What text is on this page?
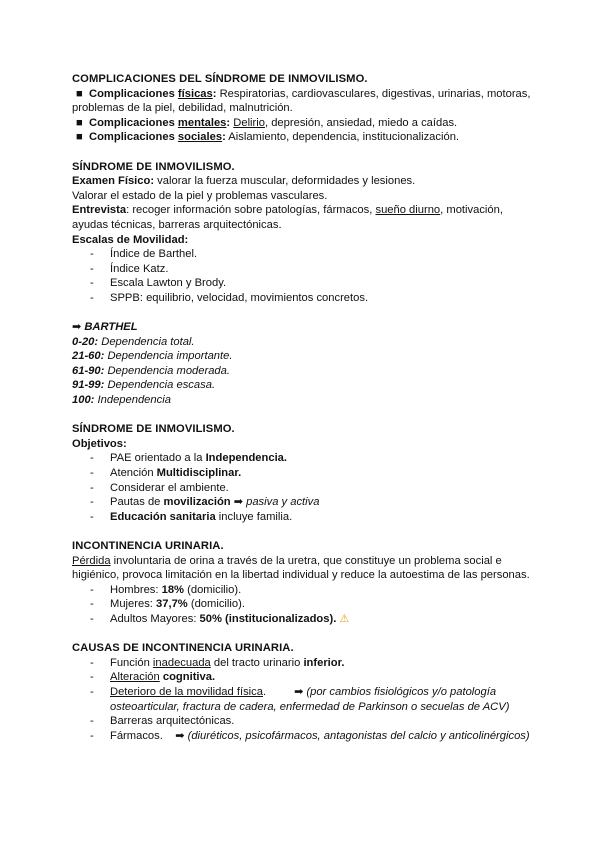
COMPLICACIONES DEL SÍNDROME DE INMOVILISMO.
■ Complicaciones físicas: Respiratorias, cardiovasculares, digestivas, urinarias, motoras,
problemas de la piel, debilidad, malnutrición.
■ Complicaciones mentales: Delirio, depresión, ansiedad, miedo a caídas.
■ Complicaciones sociales: Aislamiento, dependencia, institucionalización.
SÍNDROME DE INMOVILISMO.
Examen Físico: valorar la fuerza muscular, deformidades y lesiones.
Valorar el estado de la piel y problemas vasculares.
Entrevista: recoger información sobre patologías, fármacos, sueño diurno, motivación,
ayudas técnicas, barreras arquitectónicas.
Escalas de Movilidad:
-	Índice de Barthel.
-	Índice Katz.
-	Escala Lawton y Brody.
-	SPPB: equilibrio, velocidad, movimientos concretos.
➡ BARTHEL
0-20: Dependencia total.
21-60: Dependencia importante.
61-90: Dependencia moderada.
91-99: Dependencia escasa.
100: Independencia
SÍNDROME DE INMOVILISMO.
Objetivos:
-	PAE orientado a la Independencia.
-	Atención Multidisciplinar.
-	Considerar el ambiente.
-	Pautas de movilización ➡ pasiva y activa
-	Educación sanitaria incluye familia.
INCONTINENCIA URINARIA.
Pérdida involuntaria de orina a través de la uretra, que constituye un problema social e
higiénico, provoca limitación en la libertad individual y reduce la autoestima de las personas.
-	Hombres: 18% (domicilio).
-	Mujeres: 37,7% (domicilio).
-	Adultos Mayores: 50% (institucionalizados). ⚠
CAUSAS DE INCONTINENCIA URINARIA.
-	Función inadecuada del tracto urinario inferior.
-	Alteración cognitiva.
-	Deterioro de la movilidad física.	➡ (por cambios fisiológicos y/o patología
osteoarticular, fractura de cadera, enfermedad de Parkinson o secuelas de ACV)
-	Barreras arquitectónicas.
-	Fármacos. ➡ (diuréticos, psicofármacos, antagonistas del calcio y anticolinérgicos)
